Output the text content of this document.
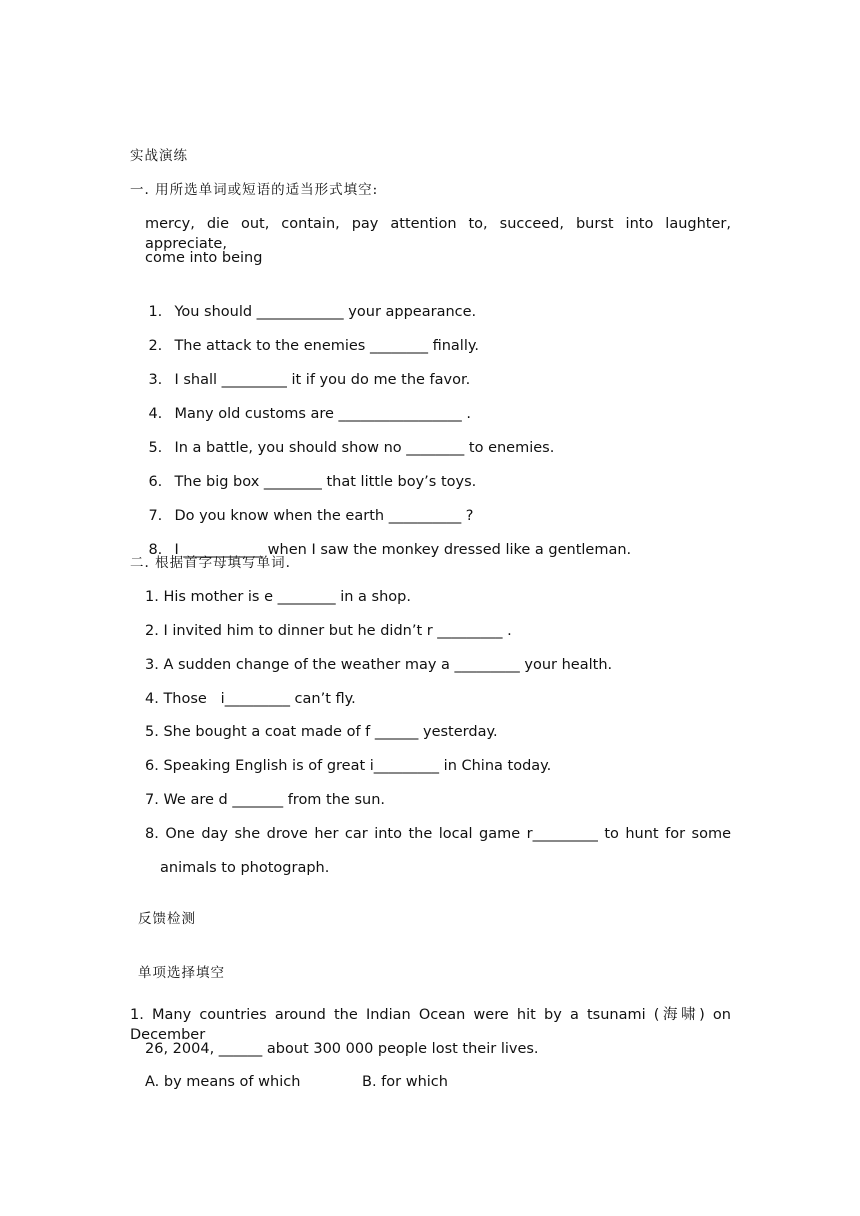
实战演练
一. 用所选单词或短语的适当形式填空:
mercy, die out, contain, pay attention to, succeed, burst into laughter, appreciate,
come into being

1. You should ____________ your appearance.

2. The attack to the enemies ________ finally.

3. I shall _________ it if you do me the favor.

4. Many old customs are _________________ .

5. In a battle, you should show no ________ to enemies.

6. The big box ________ that little boy’s toys.

7. Do you know when the earth __________ ?

8. I ___________ when I saw the monkey dressed like a gentleman.

二. 根据首字母填写单词.
1. His mother is e ________ in a shop.
2. I invited him to dinner but he didn’t r _________ .
3. A sudden change of the weather may a _________ your health.
4. Those   i_________ can’t fly.
5. She bought a coat made of f ______ yesterday.
6. Speaking English is of great i_________ in China today.
7. We are d _______ from the sun.
8. One day she drove her car into the local game r_________ to hunt for some
animals to photograph.
反馈检测
单项选择填空
1. Many countries around the Indian Ocean were hit by a tsunami (海啸) on December
26, 2004, ______ about 300 000 people lost their lives.
A. by means of which	B. for which
